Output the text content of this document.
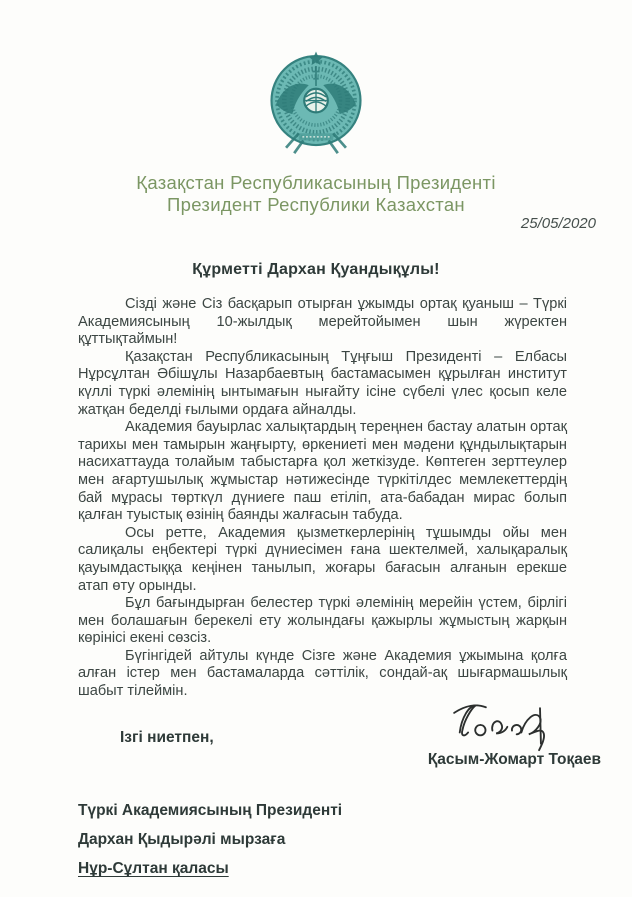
Қазақстан Республикасының Президенті
Президент Республики Казахстан
25/05/2020
Құрметті Дархан Қуандықұлы!

Сізді және Сіз басқарып отырған ұжымды ортақ қуаныш – Түркі Академиясының 10-жылдық мерейтойымен шын жүректен құттықтаймын!

Қазақстан Республикасының Тұңғыш Президенті – Елбасы Нұрсұлтан Әбішұлы Назарбаевтың бастамасымен құрылған институт күллі түркі әлемінің ынтымағын нығайту ісіне сүбелі үлес қосып келе жатқан беделді ғылыми ордаға айналды.

Академия бауырлас халықтардың тереңнен бастау алатын ортақ тарихы мен тамырын жаңғырту, өркениеті мен мәдени құндылықтарын насихаттауда толайым табыстарға қол жеткізуде. Көптеген зерттеулер мен ағартушылық жұмыстар нәтижесінде түркітілдес мемлекеттердің бай мұрасы төрткүл дүниеге паш етіліп, ата-бабадан мирас болып қалған туыстық өзінің баянды жалғасын табуда.

Осы ретте, Академия қызметкерлерінің тұшымды ойы мен салиқалы еңбектері түркі дүниесімен ғана шектелмей, халықаралық қауымдастыққа кеңінен танылып, жоғары бағасын алғанын ерекше атап өту орынды.

Бұл бағындырған белестер түркі әлемінің мерейін үстем, бірлігі мен болашағын берекелі ету жолындағы қажырлы жұмыстың жарқын көрінісі екені сөзсіз.

Бүгінгідей айтулы күнде Сізге және Академия ұжымына қолға алған істер мен бастамаларда сәттілік, сондай-ақ шығармашылық шабыт тілеймін.

Ізгі ниетпен,
Қасым-Жомарт Тоқаев
Түркі Академиясының Президенті
Дархан Қыдырәлі мырзаға
Нұр-Сұлтан қаласы
